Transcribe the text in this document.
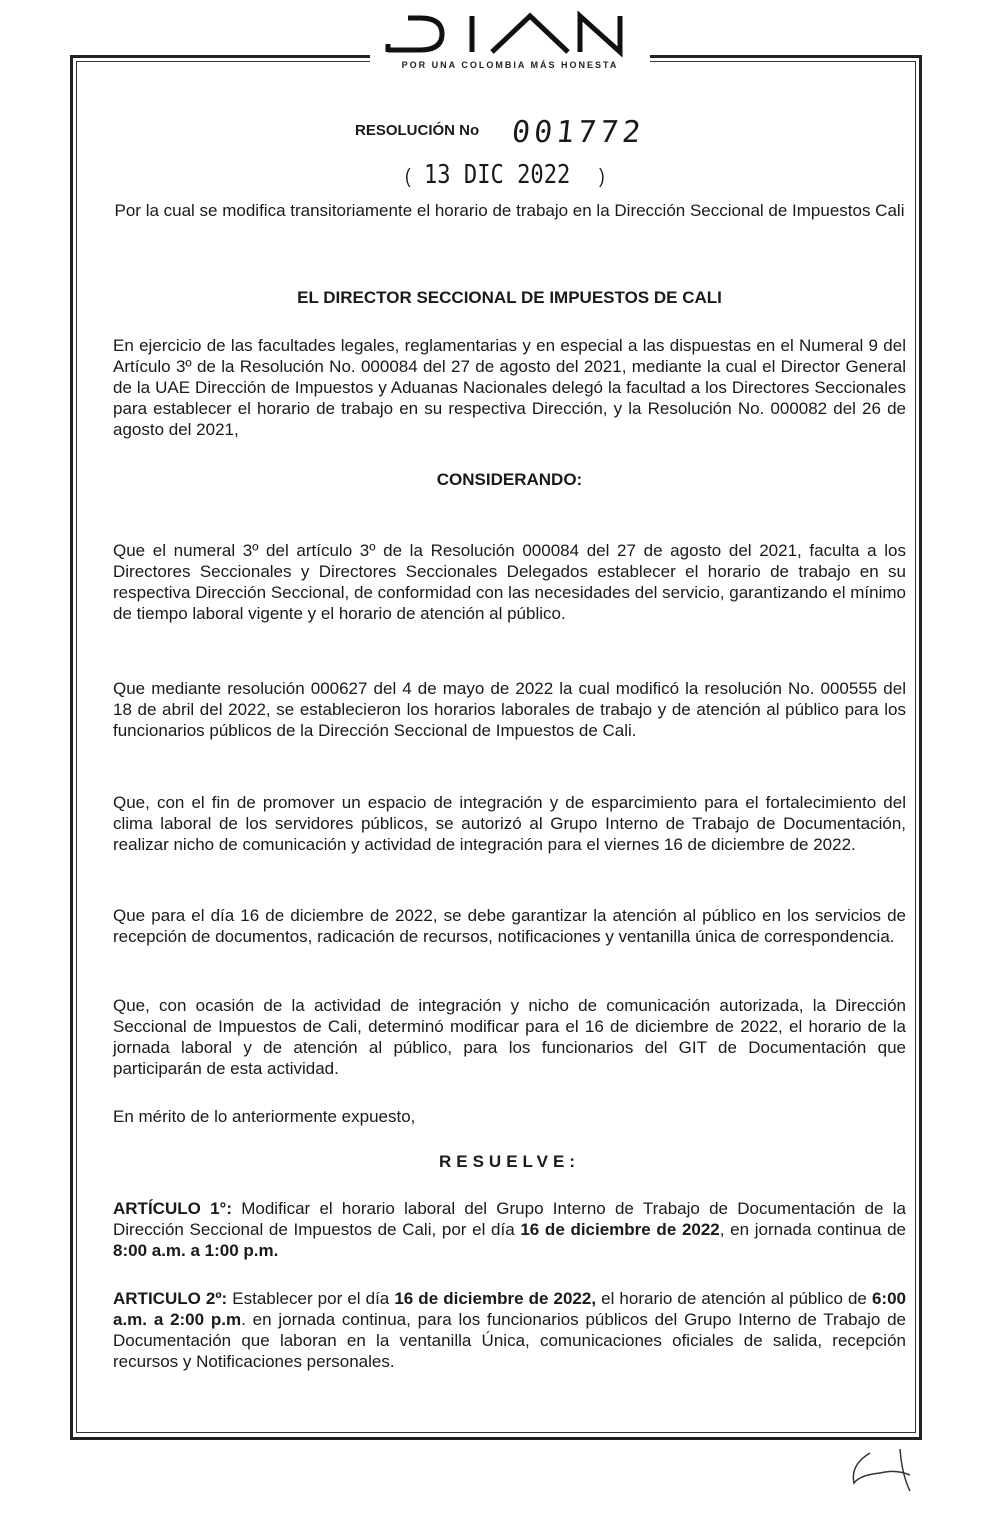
POR UNA COLOMBIA MÁS HONESTA
RESOLUCIÓN No 001772
( 13 DIC 2022 )
Por la cual se modifica transitoriamente el horario de trabajo en la Dirección Seccional de Impuestos Cali
EL DIRECTOR SECCIONAL DE IMPUESTOS DE CALI
En ejercicio de las facultades legales, reglamentarias y en especial a las dispuestas en el Numeral 9 del Artículo 3º de la Resolución No. 000084 del 27 de agosto del 2021, mediante la cual el Director General de la UAE Dirección de Impuestos y Aduanas Nacionales delegó la facultad a los Directores Seccionales para establecer el horario de trabajo en su respectiva Dirección, y la Resolución No. 000082 del 26 de agosto del 2021,
CONSIDERANDO:
Que el numeral 3º del artículo 3º de la Resolución 000084 del 27 de agosto del 2021, faculta a los Directores Seccionales y Directores Seccionales Delegados establecer el horario de trabajo en su respectiva Dirección Seccional, de conformidad con las necesidades del servicio, garantizando el mínimo de tiempo laboral vigente y el horario de atención al público.
Que mediante resolución 000627 del 4 de mayo de 2022 la cual modificó la resolución No. 000555 del 18 de abril del 2022, se establecieron los horarios laborales de trabajo y de atención al público para los funcionarios públicos de la Dirección Seccional de Impuestos de Cali.
Que, con el fin de promover un espacio de integración y de esparcimiento para el fortalecimiento del clima laboral de los servidores públicos, se autorizó al Grupo Interno de Trabajo de Documentación, realizar nicho de comunicación y actividad de integración para el viernes 16 de diciembre de 2022.
Que para el día 16 de diciembre de 2022, se debe garantizar la atención al público en los servicios de recepción de documentos, radicación de recursos, notificaciones y ventanilla única de correspondencia.
Que, con ocasión de la actividad de integración y nicho de comunicación autorizada, la Dirección Seccional de Impuestos de Cali, determinó modificar para el 16 de diciembre de 2022, el horario de la jornada laboral y de atención al público, para los funcionarios del GIT de Documentación que participarán de esta actividad.
En mérito de lo anteriormente expuesto,
RESUELVE:
ARTÍCULO 1°: Modificar el horario laboral del Grupo Interno de Trabajo de Documentación de la Dirección Seccional de Impuestos de Cali, por el día 16 de diciembre de 2022, en jornada continua de 8:00 a.m. a 1:00 p.m.
ARTICULO 2º: Establecer por el día 16 de diciembre de 2022, el horario de atención al público de 6:00 a.m. a 2:00 p.m. en jornada continua, para los funcionarios públicos del Grupo Interno de Trabajo de Documentación que laboran en la ventanilla Única, comunicaciones oficiales de salida, recepción recursos y Notificaciones personales.
